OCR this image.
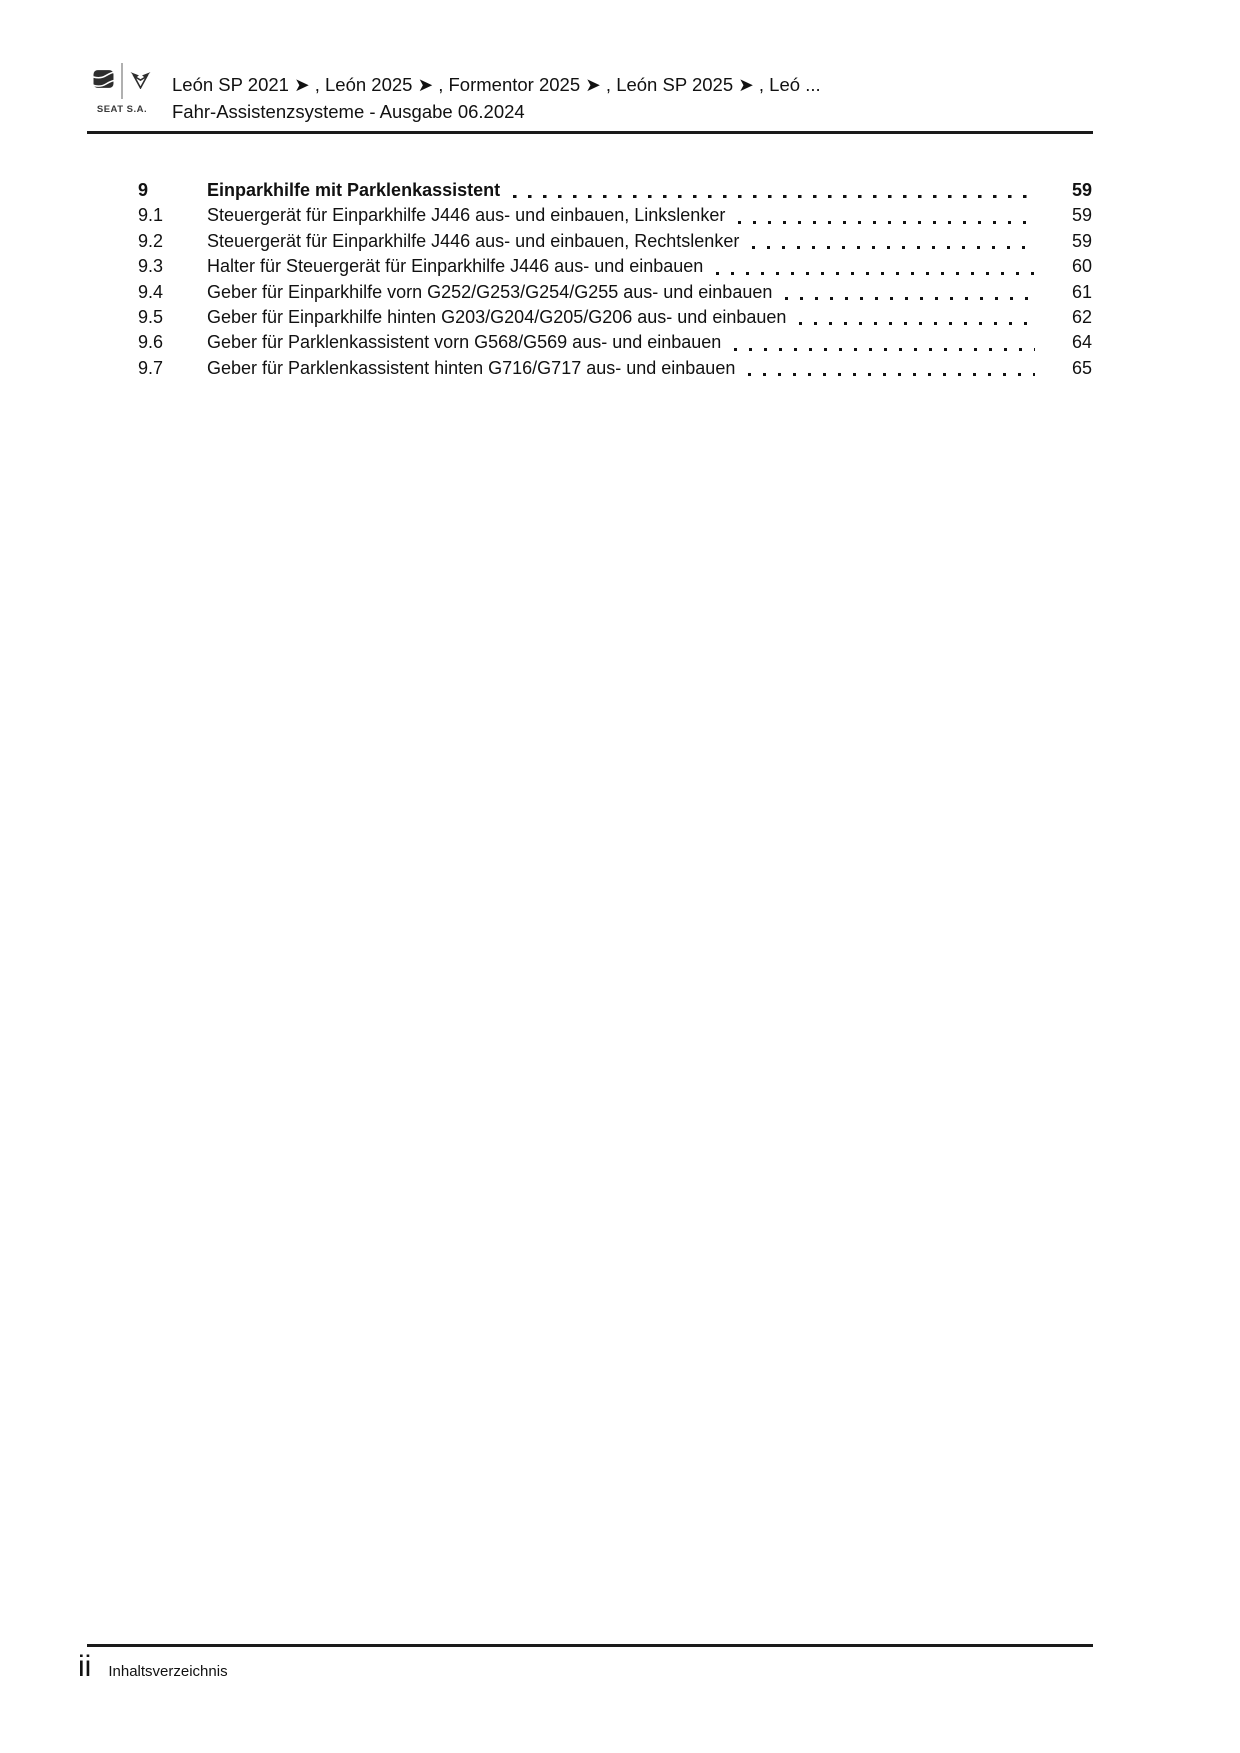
SEAT S.A.
León SP 2021 ➤ , León 2025 ➤ , Formentor 2025 ➤ , León SP 2025 ➤ , Leó ...
Fahr-Assistenzsysteme - Ausgabe 06.2024
9	Einparkhilfe mit Parklenkassistent	59
9.1	Steuergerät für Einparkhilfe J446 aus- und einbauen, Linkslenker	59
9.2	Steuergerät für Einparkhilfe J446 aus- und einbauen, Rechtslenker	59
9.3	Halter für Steuergerät für Einparkhilfe J446 aus- und einbauen	60
9.4	Geber für Einparkhilfe vorn G252/G253/G254/G255 aus- und einbauen	61
9.5	Geber für Einparkhilfe hinten G203/G204/G205/G206 aus- und einbauen	62
9.6	Geber für Parklenkassistent vorn G568/G569 aus- und einbauen	64
9.7	Geber für Parklenkassistent hinten G716/G717 aus- und einbauen	65
ii Inhaltsverzeichnis
